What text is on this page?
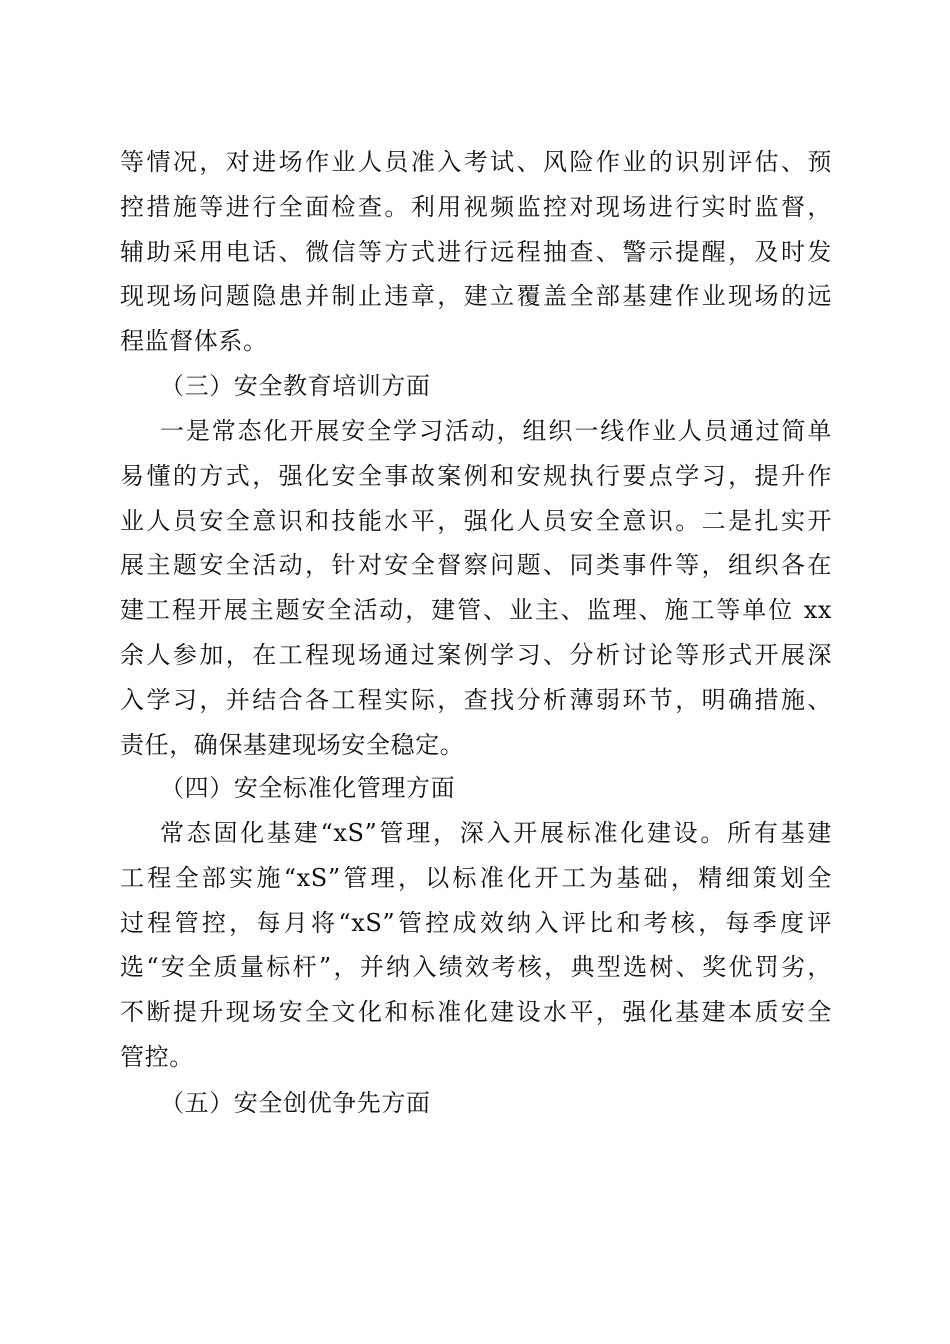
等情况，对进场作业人员准入考试、风险作业的识别评估、预
控措施等进行全面检查。利用视频监控对现场进行实时监督，
辅助采用电话、微信等方式进行远程抽查、警示提醒，及时发
现现场问题隐患并制止违章，建立覆盖全部基建作业现场的远
程监督体系。
（三）安全教育培训方面
一是常态化开展安全学习活动，组织一线作业人员通过简单
易懂的方式，强化安全事故案例和安规执行要点学习，提升作
业人员安全意识和技能水平，强化人员安全意识。二是扎实开
展主题安全活动，针对安全督察问题、同类事件等，组织各在
建工程开展主题安全活动，建管、业主、监理、施工等单位 xx
余人参加，在工程现场通过案例学习、分析讨论等形式开展深
入学习，并结合各工程实际，查找分析薄弱环节，明确措施、
责任，确保基建现场安全稳定。
（四）安全标准化管理方面
常态固化基建“xS”管理，深入开展标准化建设。所有基建
工程全部实施“xS”管理，以标准化开工为基础，精细策划全
过程管控，每月将“xS”管控成效纳入评比和考核，每季度评
选“安全质量标杆”，并纳入绩效考核，典型选树、奖优罚劣，
不断提升现场安全文化和标准化建设水平，强化基建本质安全
管控。
（五）安全创优争先方面
